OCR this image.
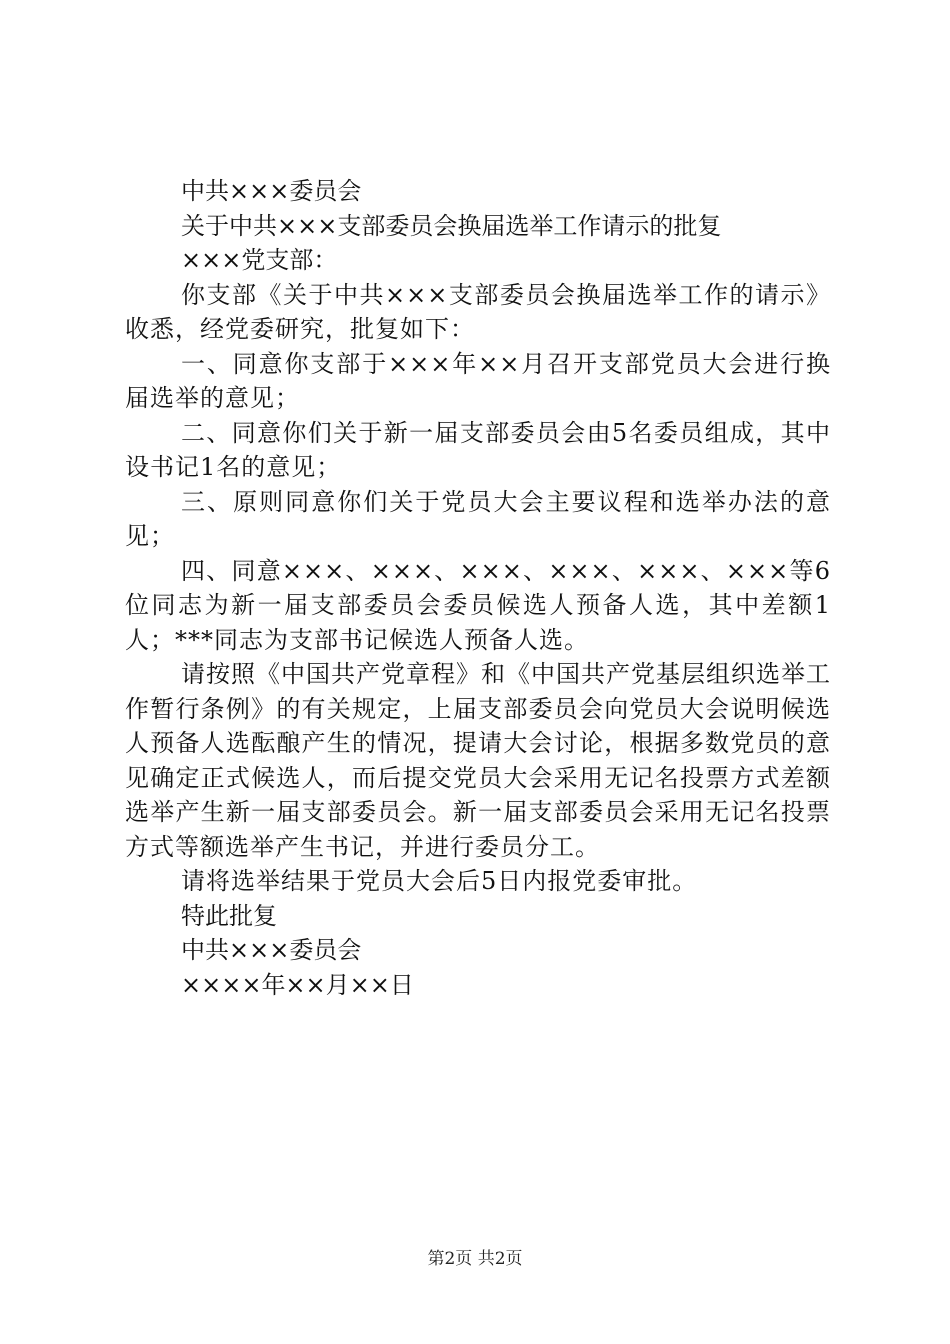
中共×××委员会

关于中共×××支部委员会换届选举工作请示的批复

×××党支部：

你支部《关于中共×××支部委员会换届选举工作的请示》收悉，经党委研究，批复如下：

一、同意你支部于×××年××月召开支部党员大会进行换届选举的意见；

二、同意你们关于新一届支部委员会由5名委员组成，其中设书记1名的意见；

三、原则同意你们关于党员大会主要议程和选举办法的意见；

四、同意×××、×××、×××、×××、×××、×××等6位同志为新一届支部委员会委员候选人预备人选，其中差额1人；***同志为支部书记候选人预备人选。

请按照《中国共产党章程》和《中国共产党基层组织选举工作暂行条例》的有关规定，上届支部委员会向党员大会说明候选人预备人选酝酿产生的情况，提请大会讨论，根据多数党员的意见确定正式候选人，而后提交党员大会采用无记名投票方式差额选举产生新一届支部委员会。新一届支部委员会采用无记名投票方式等额选举产生书记，并进行委员分工。

请将选举结果于党员大会后5日内报党委审批。

特此批复

中共×××委员会

××××年××月××日

第2页 共2页
